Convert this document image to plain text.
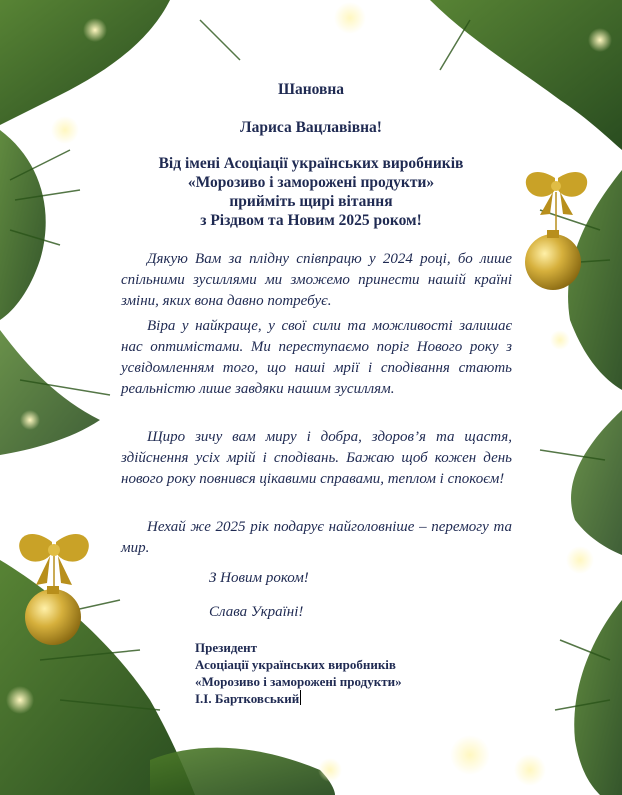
Шановна
Лариса Вацлавівна!
Від імені Асоціації українських виробників
«Морозиво і заморожені продукти»
прийміть щирі вітання
з Різдвом та Новим 2025 роком!
Дякую Вам за плідну співпрацю у 2024 році, бо лише спільними зусиллями ми зможемо принести нашій країні зміни, яких вона давно потребує.
Віра у найкраще, у свої сили та можливості залишає нас оптимістами. Ми переступаємо поріг Нового року з усвідомленням того, що наші мрії і сподівання стають реальністю лише завдяки нашим зусиллям.
Щиро зичу вам миру і добра, здоров’я та щастя, здійснення усіх мрій і сподівань. Бажаю щоб кожен день нового року повнився цікавими справами, теплом і спокоєм!
Нехай же 2025 рік подарує найголовніше – перемогу та мир.
З Новим роком!
Слава Україні!
Президент
Асоціації українських виробників
«Морозиво і заморожені продукти»
І.І. Бартковський
